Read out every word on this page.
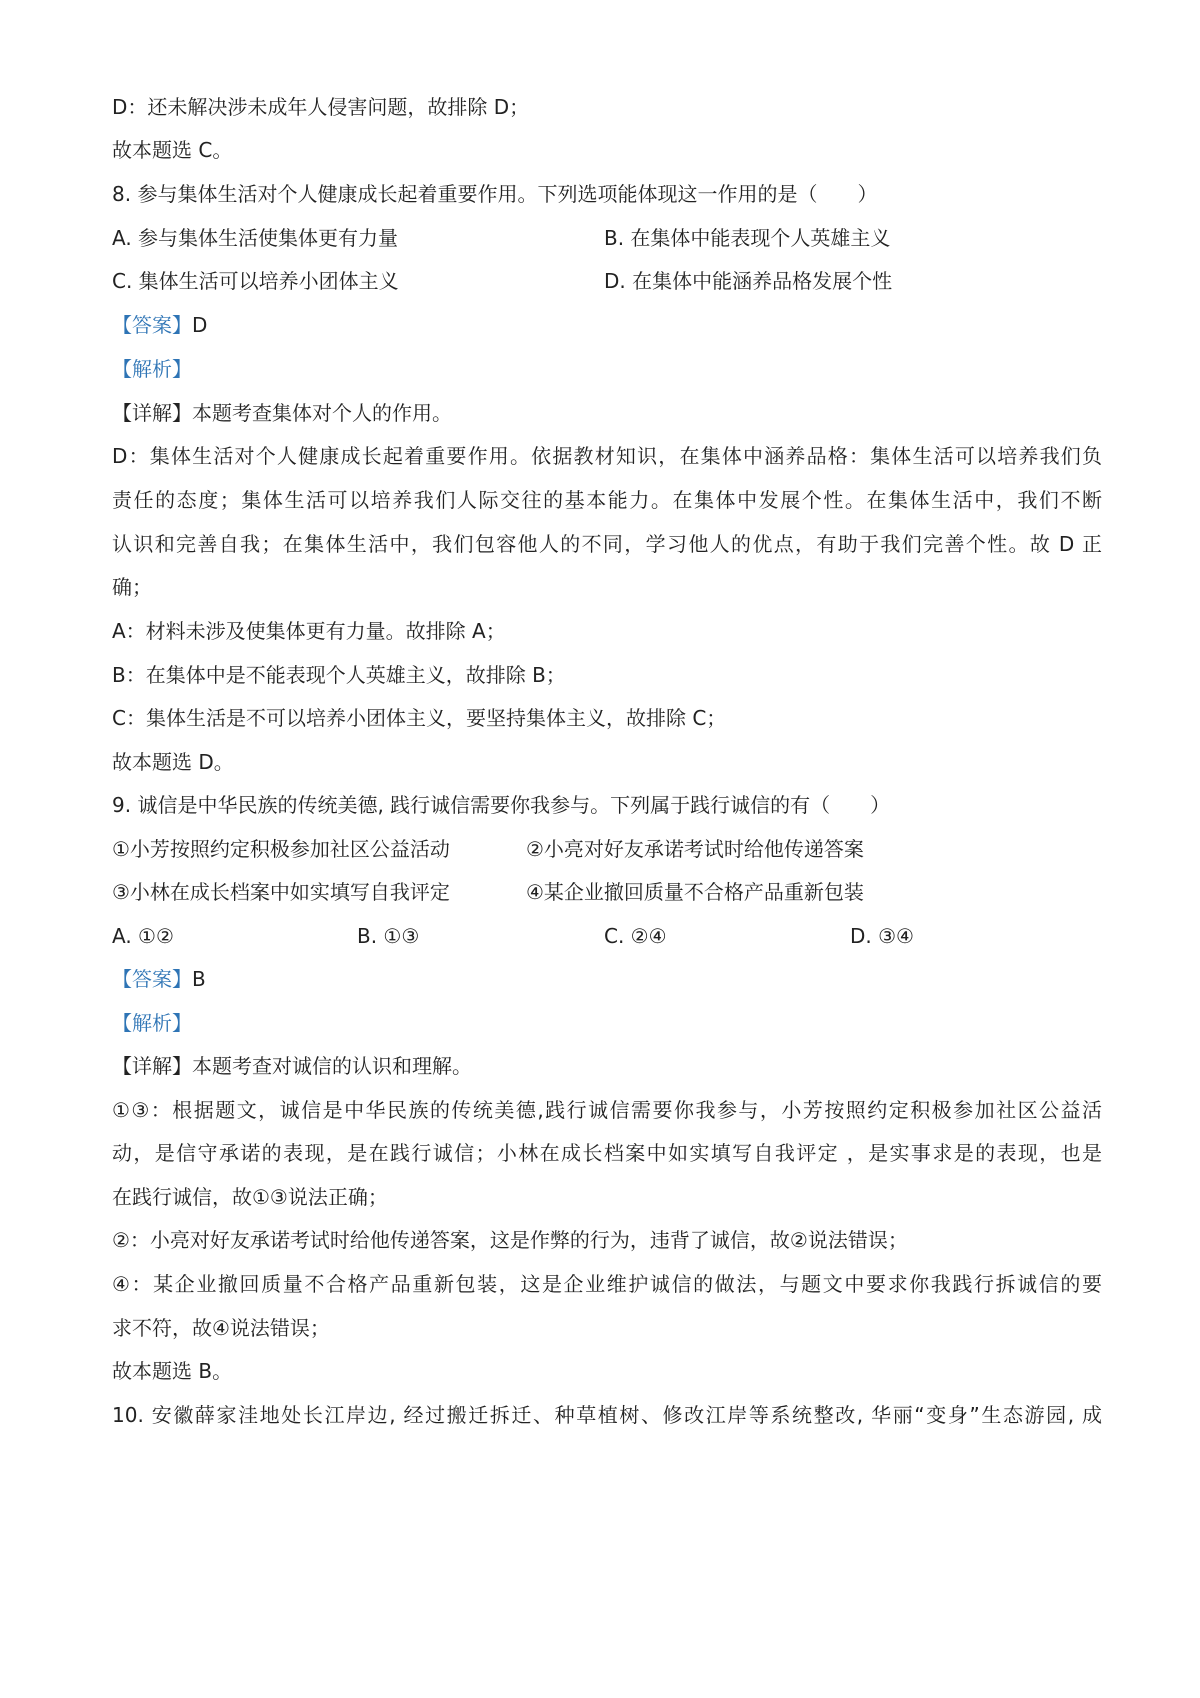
D：还未解决涉未成年人侵害问题，故排除 D；
故本题选 C。
8. 参与集体生活对个人健康成长起着重要作用。下列选项能体现这一作用的是（　　）
A. 参与集体生活使集体更有力量	B. 在集体中能表现个人英雄主义
C. 集体生活可以培养小团体主义	D. 在集体中能涵养品格发展个性
【答案】D
【解析】
【详解】本题考查集体对个人的作用。
D：集体生活对个人健康成长起着重要作用。依据教材知识，在集体中涵养品格：集体生活可以培养我们负
责任的态度；集体生活可以培养我们人际交往的基本能力。在集体中发展个性。在集体生活中，我们不断
认识和完善自我；在集体生活中，我们包容他人的不同，学习他人的优点，有助于我们完善个性。故 D 正
确；
A：材料未涉及使集体更有力量。故排除 A；
B：在集体中是不能表现个人英雄主义，故排除 B；
C：集体生活是不可以培养小团体主义，要坚持集体主义，故排除 C；
故本题选 D。
9. 诚信是中华民族的传统美德, 践行诚信需要你我参与。下列属于践行诚信的有（　　）
①小芳按照约定积极参加社区公益活动	②小亮对好友承诺考试时给他传递答案
③小林在成长档案中如实填写自我评定	④某企业撤回质量不合格产品重新包装
A. ①②	B. ①③	C. ②④	D. ③④
【答案】B
【解析】
【详解】本题考查对诚信的认识和理解。
①③：根据题文，诚信是中华民族的传统美德,践行诚信需要你我参与，小芳按照约定积极参加社区公益活
动，是信守承诺的表现，是在践行诚信；小林在成长档案中如实填写自我评定 ，是实事求是的表现，也是
在践行诚信，故①③说法正确；
②：小亮对好友承诺考试时给他传递答案，这是作弊的行为，违背了诚信，故②说法错误；
④：某企业撤回质量不合格产品重新包装，这是企业维护诚信的做法，与题文中要求你我践行拆诚信的要
求不符，故④说法错误；
故本题选 B。
10. 安徽薛家洼地处长江岸边, 经过搬迁拆迁、种草植树、修改江岸等系统整改, 华丽“变身”生态游园, 成
